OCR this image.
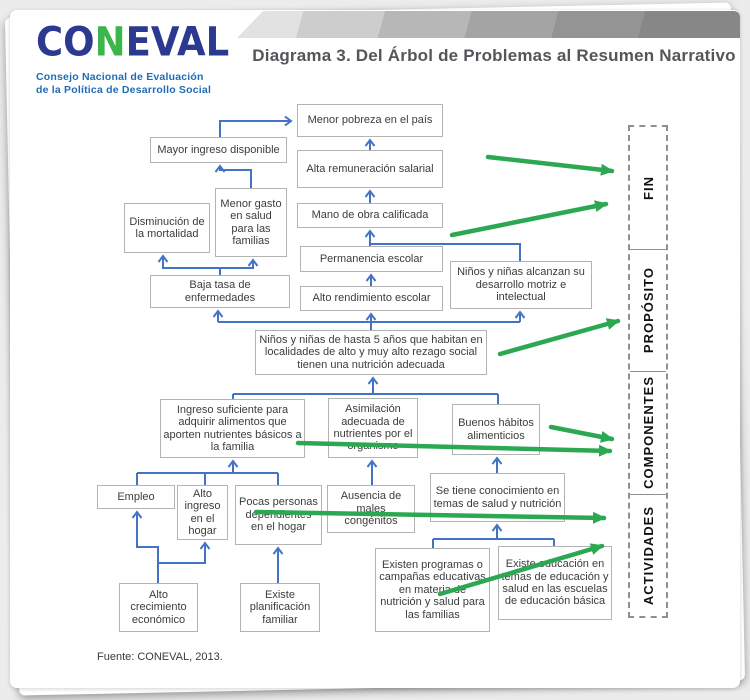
CONEVAL
Consejo Nacional de Evaluación
de la Política de Desarrollo Social
Diagrama 3. Del Árbol de Problemas al Resumen Narrativo
Menor pobreza en el país
Mayor ingreso disponible
Alta remuneración salarial
Disminución de la mortalidad
Menor gasto en salud para las familias
Mano de obra calificada
Permanencia escolar
Baja tasa de enfermedades	Alto rendimiento escolar
Niños y niñas alcanzan su desarrollo motriz e intelectual
Niños y niñas de hasta 5 años que habitan en localidades de alto y muy alto rezago social tienen una nutrición adecuada
Ingreso suficiente para adquirir alimentos que aporten nutrientes básicos a la familia
Asimilación adecuada de nutrientes por el organismo
Buenos hábitos alimenticios
Empleo	Alto ingreso en el hogar
Pocas personas dependientes en el hogar
Ausencia de males congénitos
Se tiene conocimiento en temas de salud y nutrición
Alto crecimiento económico
Existe planificación familiar
Existen programas o campañas educativas en materia de nutrición y salud para las familias
Existe educación en temas de educación y salud en las escuelas de educación básica
FIN
PROPÓSITO
COMPONENTES
ACTIVIDADES
Fuente: CONEVAL, 2013.
